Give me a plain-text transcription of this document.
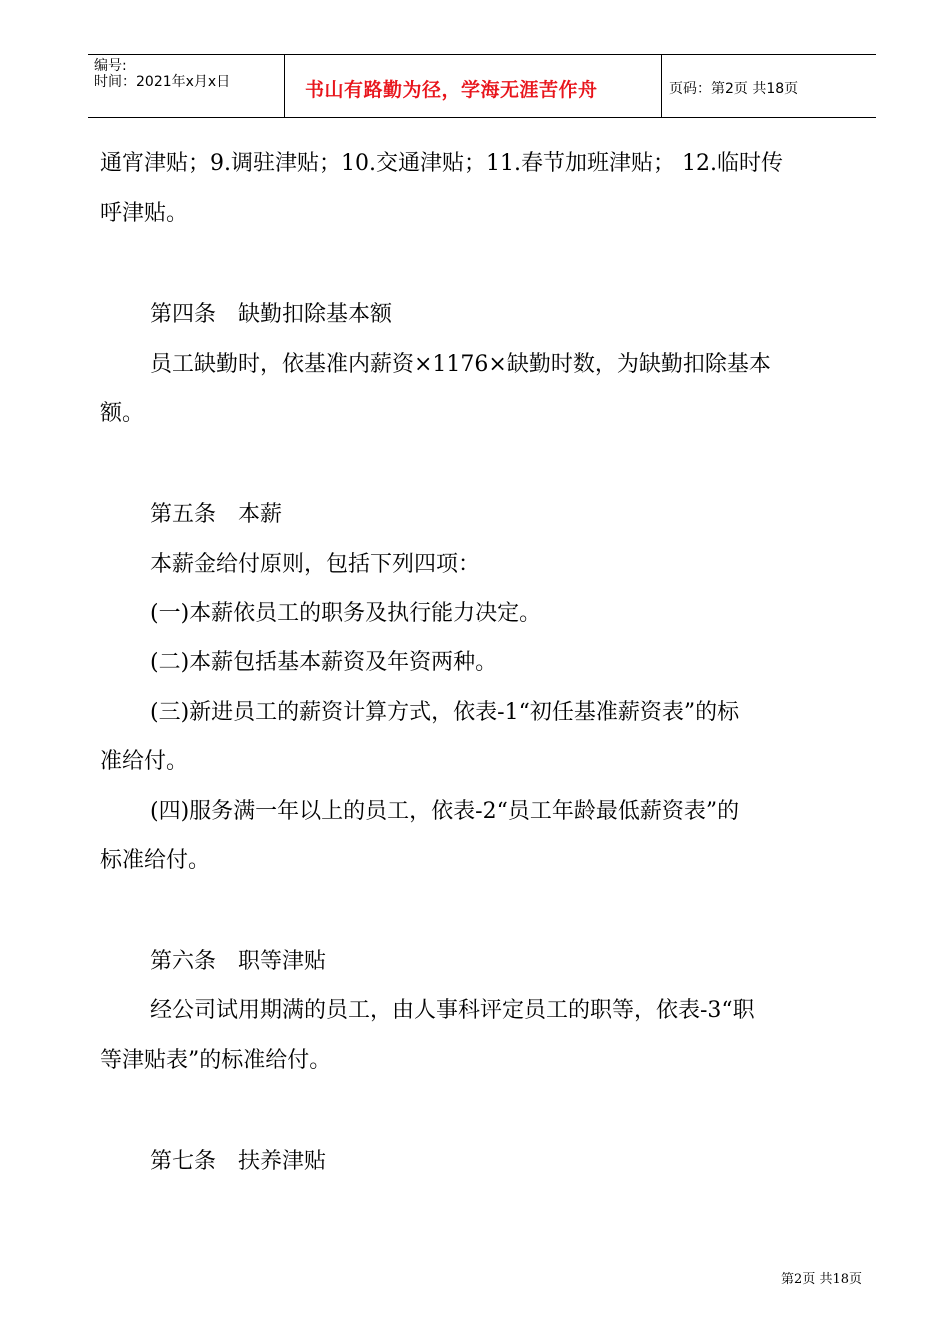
编号:
时间：2021年x月x日	书山有路勤为径，学海无涯苦作舟	页码：第2页 共18页
通宵津贴；9.调驻津贴；10.交通津贴；11.春节加班津贴； 12.临时传
呼津贴。
第四条　缺勤扣除基本额
员工缺勤时，依基准内薪资×1176×缺勤时数，为缺勤扣除基本
额。
第五条　本薪
本薪金给付原则，包括下列四项：
(一)本薪依员工的职务及执行能力决定。
(二)本薪包括基本薪资及年资两种。
(三)新进员工的薪资计算方式，依表-1“初任基准薪资表”的标
准给付。
(四)服务满一年以上的员工，依表-2“员工年龄最低薪资表”的
标准给付。
第六条　职等津贴
经公司试用期满的员工，由人事科评定员工的职等，依表-3“职
等津贴表”的标准给付。
第七条　扶养津贴
第2页 共18页
